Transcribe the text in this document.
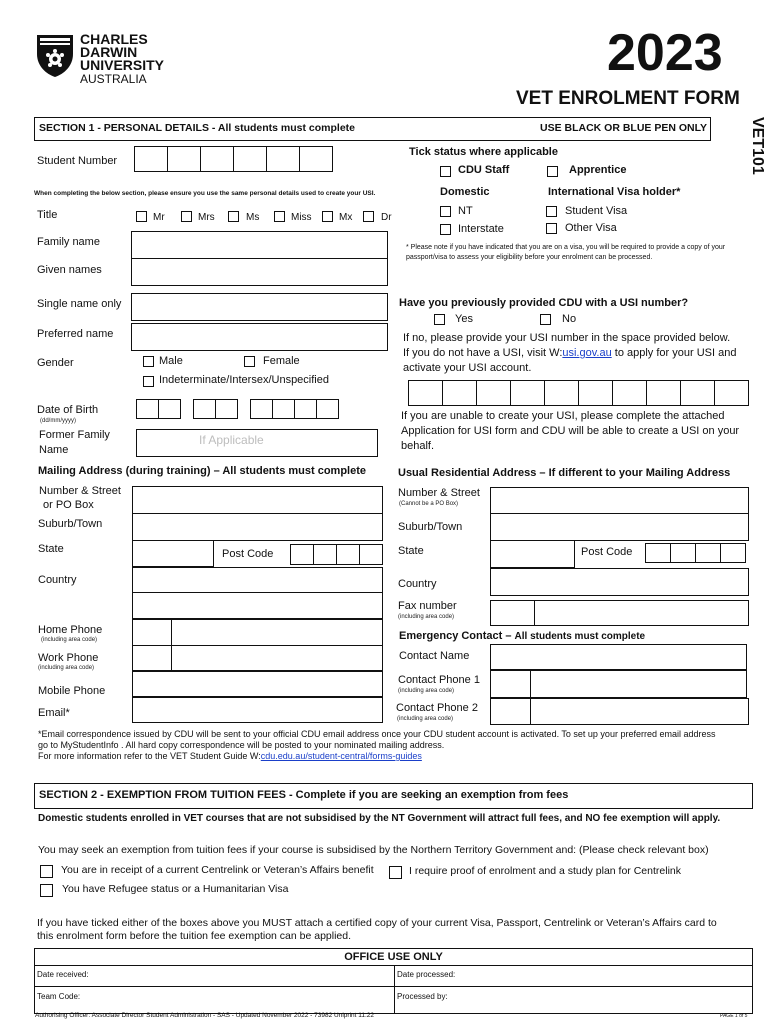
CHARLES
DARWIN
UNIVERSITY
AUSTRALIA	2023
VET ENROLMENT FORM
VET101
SECTION 1 - PERSONAL DETAILS - All students must complete	USE BLACK OR BLUE PEN ONLY
Student Number
When completing the below section, please ensure you use the same personal details used to create your USI.
Title	Mr	Mrs	Ms	Miss	Mx	Dr
Family name
Given names
Single name only
Preferred name
Gender	Male	Female
Indeterminate/Intersex/Unspecified
Date of Birth
(dd/mm/yyyy)
Former Family
Name
If Applicable
Tick status where applicable
CDU Staff	Apprentice
Domestic
NT
Interstate
International Visa holder*
Student Visa
Other Visa
* Please note if you have indicated that you are on a visa, you will be required to provide a copy of your passport/visa to assess your eligibility before your enrolment can be processed.
Have you previously provided CDU with a USI number?
Yes	No
If no, please provide your USI number in the space provided below. If you do not have a USI, visit W:usi.gov.au to apply for your USI and activate your USI account.
If you are unable to create your USI, please complete the attached Application for USI form and CDU will be able to create a USI on your behalf.
Mailing Address (during training) – All students must complete
Number & Street
or PO Box
Suburb/Town
State	Post Code
Country
Home Phone
(including area code)
Work Phone
(including area code)
Mobile Phone
Email*
Usual Residential Address – If different to your Mailing Address
Number & Street
(Cannot be a PO Box)
Suburb/Town
State	Post Code
Country
Fax number
(including area code)
Emergency Contact – All students must complete
Contact Name
Contact Phone 1
(including area code)
Contact Phone 2
(including area code)
*Email correspondence issued by CDU will be sent to your official CDU email address once your CDU student account is activated. To set up your preferred email address
go to MyStudentInfo . All hard copy correspondence will be posted to your nominated mailing address.
For more information refer to the VET Student Guide W:cdu.edu.au/student-central/forms-guides
SECTION 2 - EXEMPTION FROM TUITION FEES - Complete if you are seeking an exemption from fees
Domestic students enrolled in VET courses that are not subsidised by the NT Government will attract full fees, and NO fee exemption will apply.
You may seek an exemption from tuition fees if your course is subsidised by the Northern Territory Government and: (Please check relevant box)
You are in receipt of a current Centrelink or Veteran’s Affairs benefit	I require proof of enrolment and a study plan for Centrelink
You have Refugee status or a Humanitarian Visa
If you have ticked either of the boxes above you MUST attach a certified copy of your current Visa, Passport, Centrelink or Veteran’s Affairs card to
this enrolment form before the tuition fee exemption can be applied.
OFFICE USE ONLY
Date received:	Date processed:
Team Code:	Processed by:
Authorising Officer: Associate Director Student Administration - SAS - Updated November 2022 - 73982 Uniprint 11.22	PAGE 1 of 5
